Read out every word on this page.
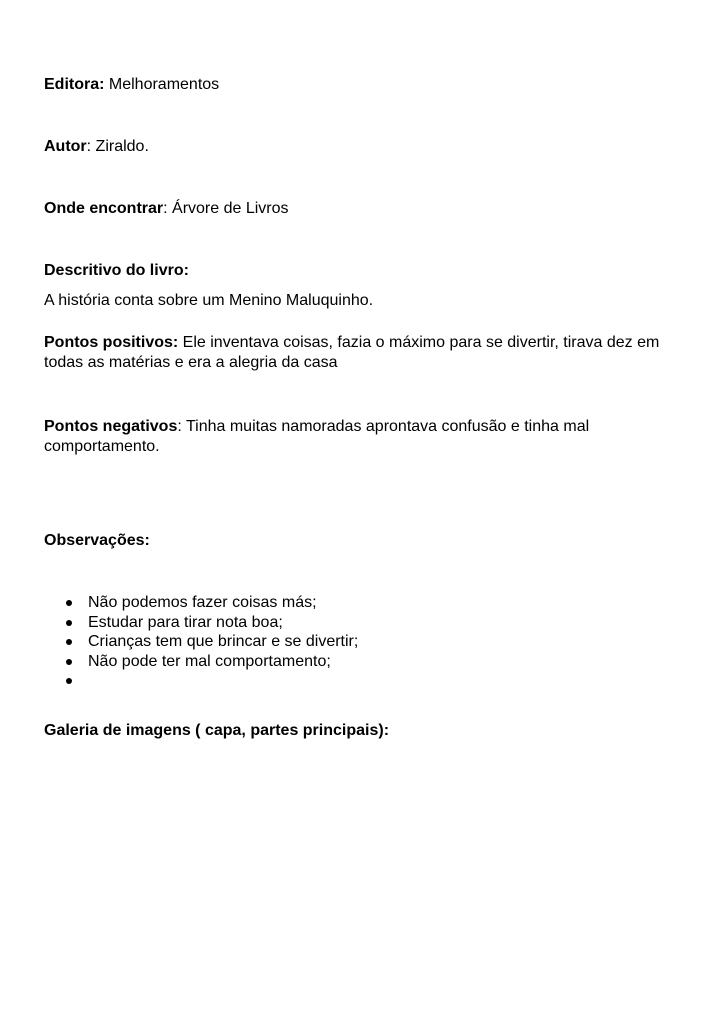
Editora: Melhoramentos
Autor: Ziraldo.
Onde encontrar: Árvore de Livros
Descritivo do livro:
A história conta sobre um Menino Maluquinho.
Pontos positivos: Ele inventava coisas, fazia o máximo para se divertir, tirava dez em todas as matérias e era a alegria da casa
Pontos negativos: Tinha muitas namoradas aprontava confusão e tinha mal comportamento.
Observações:
Não podemos fazer coisas más;
Estudar para tirar nota boa;
Crianças tem que brincar e se divertir;
Não pode ter mal comportamento;
Galeria de imagens ( capa, partes principais):
